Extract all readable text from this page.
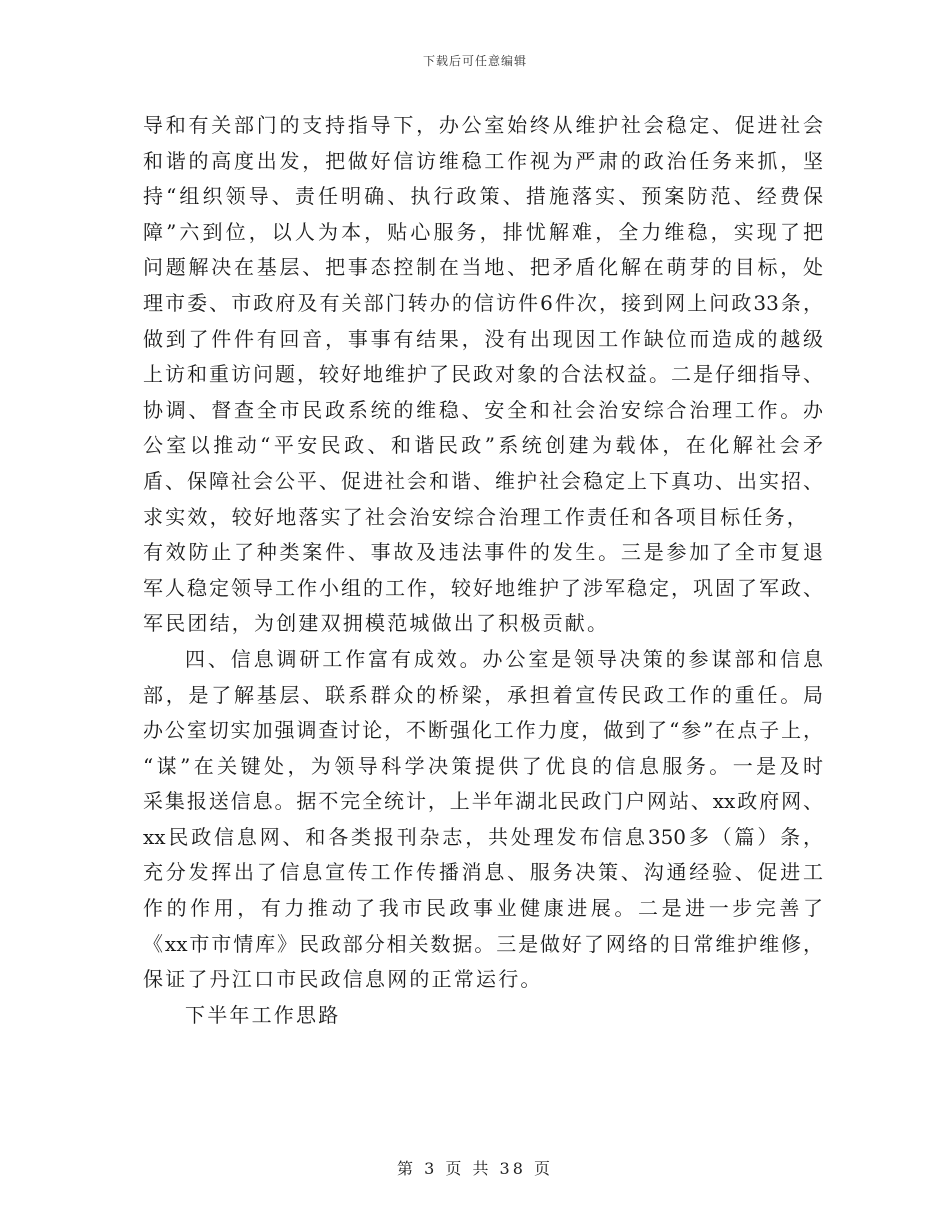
下载后可任意编辑
导和有关部门的支持指导下，办公室始终从维护社会稳定、促进社会
和谐的高度出发，把做好信访维稳工作视为严肃的政治任务来抓，坚
持“组织领导、责任明确、执行政策、措施落实、预案防范、经费保
障”六到位，以人为本，贴心服务，排忧解难，全力维稳，实现了把
问题解决在基层、把事态控制在当地、把矛盾化解在萌芽的目标，处
理市委、市政府及有关部门转办的信访件6件次，接到网上问政33条，
做到了件件有回音，事事有结果，没有出现因工作缺位而造成的越级
上访和重访问题，较好地维护了民政对象的合法权益。二是仔细指导、
协调、督查全市民政系统的维稳、安全和社会治安综合治理工作。办
公室以推动“平安民政、和谐民政”系统创建为载体，在化解社会矛
盾、保障社会公平、促进社会和谐、维护社会稳定上下真功、出实招、
求实效，较好地落实了社会治安综合治理工作责任和各项目标任务，
有效防止了种类案件、事故及违法事件的发生。三是参加了全市复退
军人稳定领导工作小组的工作，较好地维护了涉军稳定，巩固了军政、
军民团结，为创建双拥模范城做出了积极贡献。
四、信息调研工作富有成效。办公室是领导决策的参谋部和信息
部，是了解基层、联系群众的桥梁，承担着宣传民政工作的重任。局
办公室切实加强调查讨论，不断强化工作力度，做到了“参”在点子上，
“谋”在关键处，为领导科学决策提供了优良的信息服务。一是及时
采集报送信息。据不完全统计，上半年湖北民政门户网站、xx政府网、
xx民政信息网、和各类报刊杂志，共处理发布信息350多（篇）条，
充分发挥出了信息宣传工作传播消息、服务决策、沟通经验、促进工
作的作用，有力推动了我市民政事业健康进展。二是进一步完善了
《xx市市情库》民政部分相关数据。三是做好了网络的日常维护维修，
保证了丹江口市民政信息网的正常运行。
下半年工作思路
第 3 页 共 38 页
